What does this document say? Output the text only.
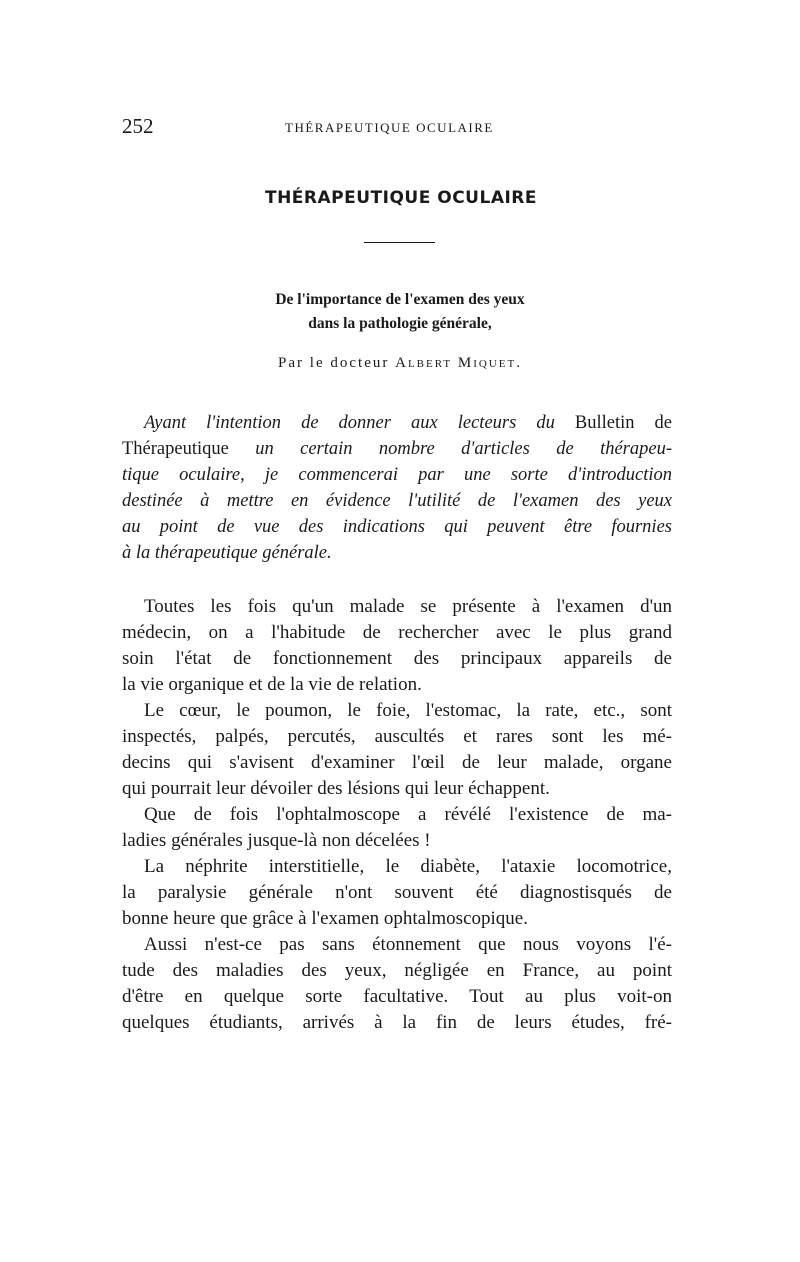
252	THÉRAPEUTIQUE OCULAIRE
THÉRAPEUTIQUE OCULAIRE
De l'importance de l'examen des yeux
dans la pathologie générale,
Par le docteur Albert Miquet.
Ayant l'intention de donner aux lecteurs du Bulletin de
Thérapeutique un certain nombre d'articles de thérapeu-
tique oculaire, je commencerai par une sorte d'introduction
destinée à mettre en évidence l'utilité de l'examen des yeux
au point de vue des indications qui peuvent être fournies
à la thérapeutique générale.
Toutes les fois qu'un malade se présente à l'examen d'un
médecin, on a l'habitude de rechercher avec le plus grand
soin l'état de fonctionnement des principaux appareils de
la vie organique et de la vie de relation.
Le cœur, le poumon, le foie, l'estomac, la rate, etc., sont
inspectés, palpés, percutés, auscultés et rares sont les mé-
decins qui s'avisent d'examiner l'œil de leur malade, organe
qui pourrait leur dévoiler des lésions qui leur échappent.
Que de fois l'ophtalmoscope a révélé l'existence de ma-
ladies générales jusque-là non décelées !
La néphrite interstitielle, le diabète, l'ataxie locomotrice,
la paralysie générale n'ont souvent été diagnostisqués de
bonne heure que grâce à l'examen ophtalmoscopique.
Aussi n'est-ce pas sans étonnement que nous voyons l'é-
tude des maladies des yeux, négligée en France, au point
d'être en quelque sorte facultative. Tout au plus voit-on
quelques étudiants, arrivés à la fin de leurs études, fré-
